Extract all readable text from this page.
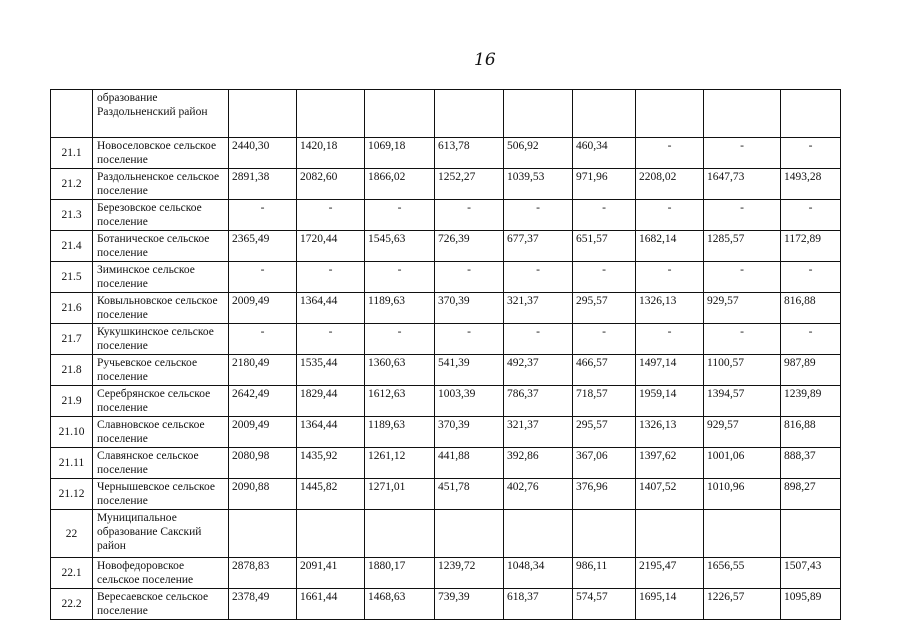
16
	образование Раздольненский район									
21.1	Новоселовское сельское поселение	2440,30	1420,18	1069,18	613,78	506,92	460,34	-	-	-
21.2	Раздольненское сельское поселение	2891,38	2082,60	1866,02	1252,27	1039,53	971,96	2208,02	1647,73	1493,28
21.3	Березовское сельское поселение	-	-	-	-	-	-	-	-	-
21.4	Ботаническое сельское поселение	2365,49	1720,44	1545,63	726,39	677,37	651,57	1682,14	1285,57	1172,89
21.5	Зиминское сельское поселение	-	-	-	-	-	-	-	-	-
21.6	Ковыльновское сельское поселение	2009,49	1364,44	1189,63	370,39	321,37	295,57	1326,13	929,57	816,88
21.7	Кукушкинское сельское поселение	-	-	-	-	-	-	-	-	-
21.8	Ручьевское сельское поселение	2180,49	1535,44	1360,63	541,39	492,37	466,57	1497,14	1100,57	987,89
21.9	Серебрянское сельское поселение	2642,49	1829,44	1612,63	1003,39	786,37	718,57	1959,14	1394,57	1239,89
21.10	Славновское сельское поселение	2009,49	1364,44	1189,63	370,39	321,37	295,57	1326,13	929,57	816,88
21.11	Славянское сельское поселение	2080,98	1435,92	1261,12	441,88	392,86	367,06	1397,62	1001,06	888,37
21.12	Чернышевское сельское поселение	2090,88	1445,82	1271,01	451,78	402,76	376,96	1407,52	1010,96	898,27
22	Муниципальное образование Сакский район									
22.1	Новофедоровское сельское поселение	2878,83	2091,41	1880,17	1239,72	1048,34	986,11	2195,47	1656,55	1507,43
22.2	Вересаевское сельское поселение	2378,49	1661,44	1468,63	739,39	618,37	574,57	1695,14	1226,57	1095,89
